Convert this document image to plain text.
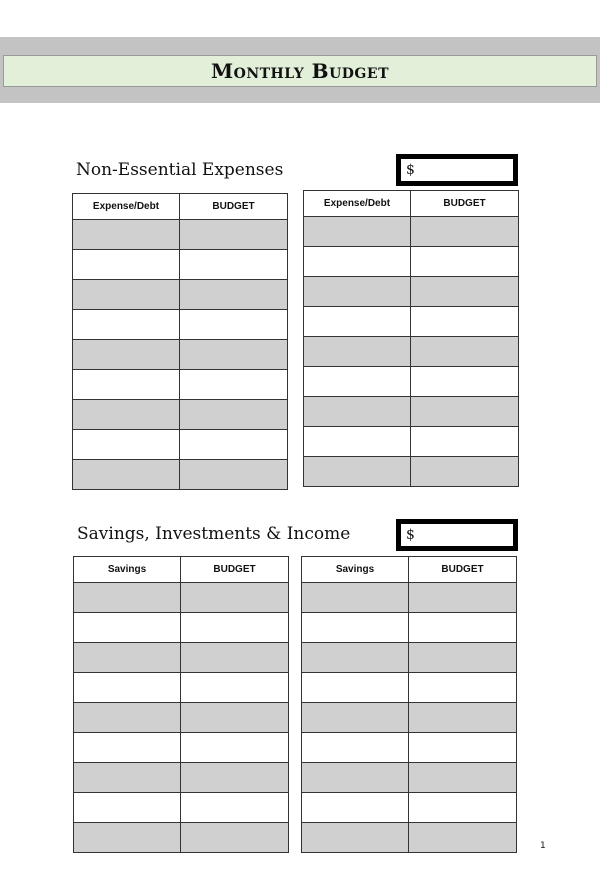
Monthly Budget
Non-Essential Expenses	$
Expense/Debt	BUDGET

		Expense/Debt	BUDGET

Savings, Investments & Income	$
Savings	BUDGET

		Savings	BUDGET

1
